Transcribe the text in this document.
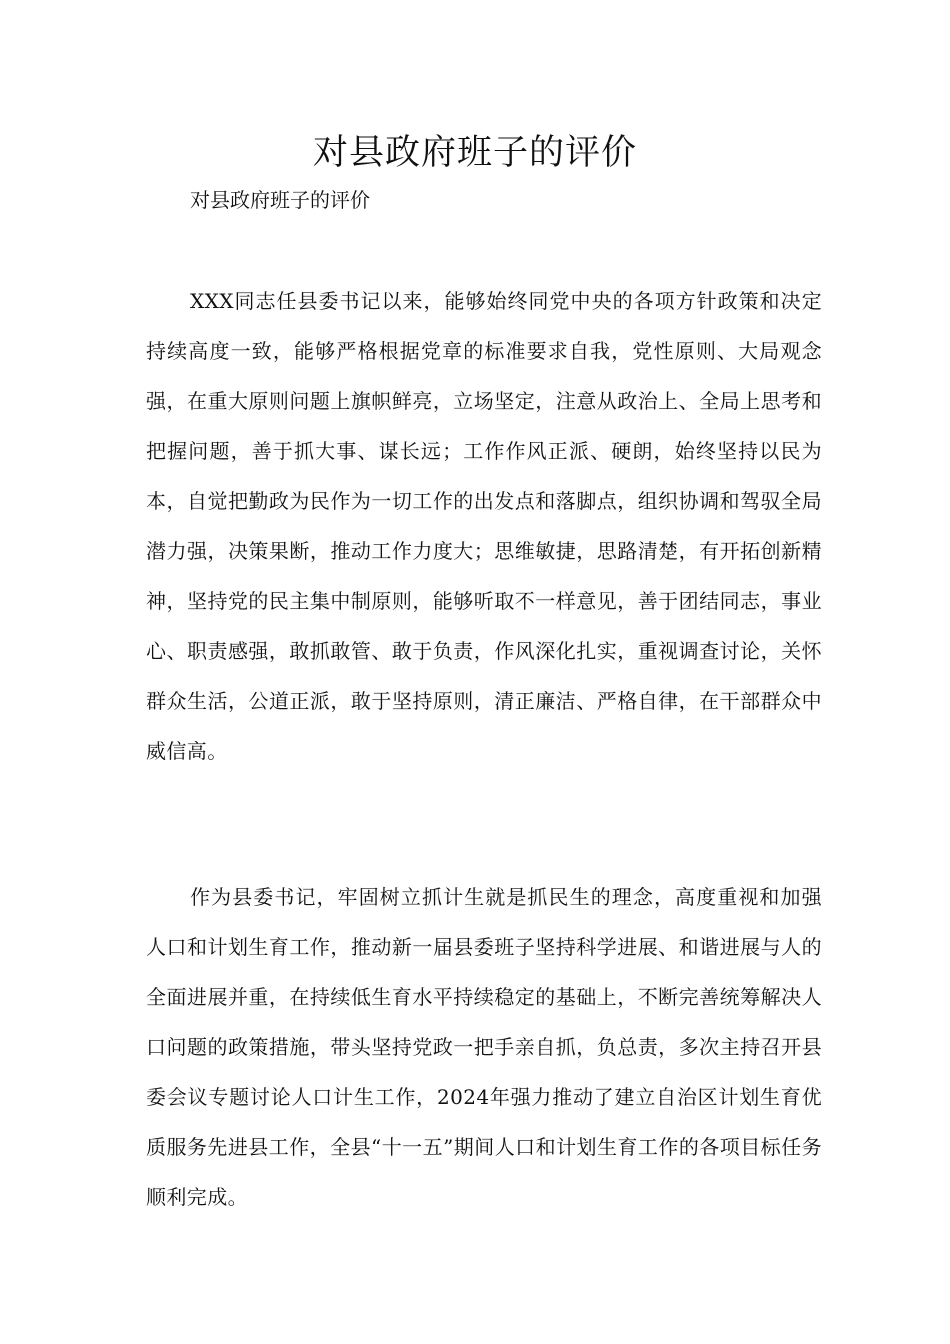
对县政府班子的评价

对县政府班子的评价

XXX同志任县委书记以来，能够始终同党中央的各项方针政策和决定持续高度一致，能够严格根据党章的标准要求自我，党性原则、大局观念强，在重大原则问题上旗帜鲜亮，立场坚定，注意从政治上、全局上思考和把握问题，善于抓大事、谋长远；工作作风正派、硬朗，始终坚持以民为本，自觉把勤政为民作为一切工作的出发点和落脚点，组织协调和驾驭全局潜力强，决策果断，推动工作力度大；思维敏捷，思路清楚，有开拓创新精神，坚持党的民主集中制原则，能够听取不一样意见，善于团结同志，事业心、职责感强，敢抓敢管、敢于负责，作风深化扎实，重视调查讨论，关怀群众生活，公道正派，敢于坚持原则，清正廉洁、严格自律，在干部群众中威信高。

作为县委书记，牢固树立抓计生就是抓民生的理念，高度重视和加强人口和计划生育工作，推动新一届县委班子坚持科学进展、和谐进展与人的全面进展并重，在持续低生育水平持续稳定的基础上，不断完善统筹解决人口问题的政策措施，带头坚持党政一把手亲自抓，负总责，多次主持召开县委会议专题讨论人口计生工作，2024年强力推动了建立自治区计划生育优质服务先进县工作，全县“十一五”期间人口和计划生育工作的各项目标任务顺利完成。
